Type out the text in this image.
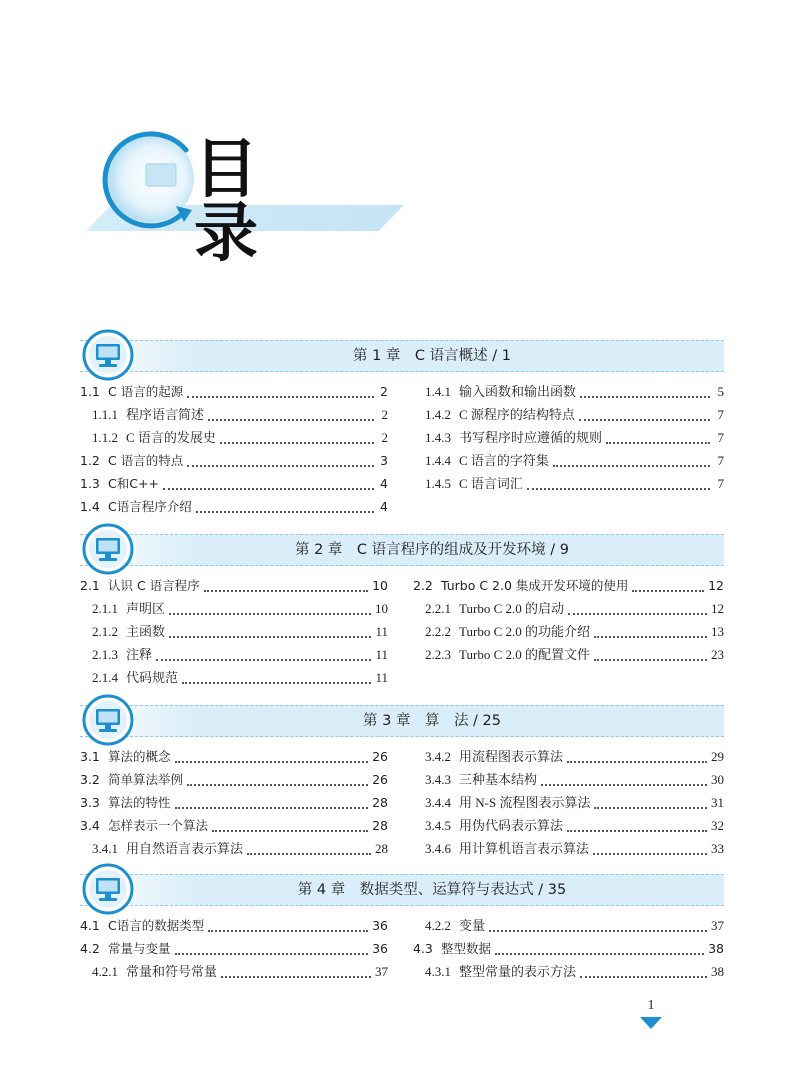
目录
第 1 章　C 语言概述 / 1
1.1 C 语言的起源	2
1.1.1 程序语言简述	2
1.1.2 C 语言的发展史	2
1.2 C 语言的特点	3
1.3 C和C++	4
1.4 C语言程序介绍	4
1.4.1 输入函数和输出函数	5
1.4.2 C 源程序的结构特点	7
1.4.3 书写程序时应遵循的规则	7
1.4.4 C 语言的字符集	7
1.4.5 C 语言词汇	7
第 2 章　C 语言程序的组成及开发环境 / 9
2.1 认识 C 语言程序	10
2.1.1 声明区	10
2.1.2 主函数	11
2.1.3 注释	11
2.1.4 代码规范	11
2.2 Turbo C 2.0 集成开发环境的使用	12
2.2.1 Turbo C 2.0 的启动	12
2.2.2 Turbo C 2.0 的功能介绍	13
2.2.3 Turbo C 2.0 的配置文件	23
第 3 章　算　法 / 25
3.1 算法的概念	26
3.2 简单算法举例	26
3.3 算法的特性	28
3.4 怎样表示一个算法	28
3.4.1 用自然语言表示算法	28
3.4.2 用流程图表示算法	29
3.4.3 三种基本结构	30
3.4.4 用 N-S 流程图表示算法	31
3.4.5 用伪代码表示算法	32
3.4.6 用计算机语言表示算法	33
第 4 章　数据类型、运算符与表达式 / 35
4.1 C语言的数据类型	36
4.2 常量与变量	36
4.2.1 常量和符号常量	37
4.2.2 变量	37
4.3 整型数据	38
4.3.1 整型常量的表示方法	38
1
